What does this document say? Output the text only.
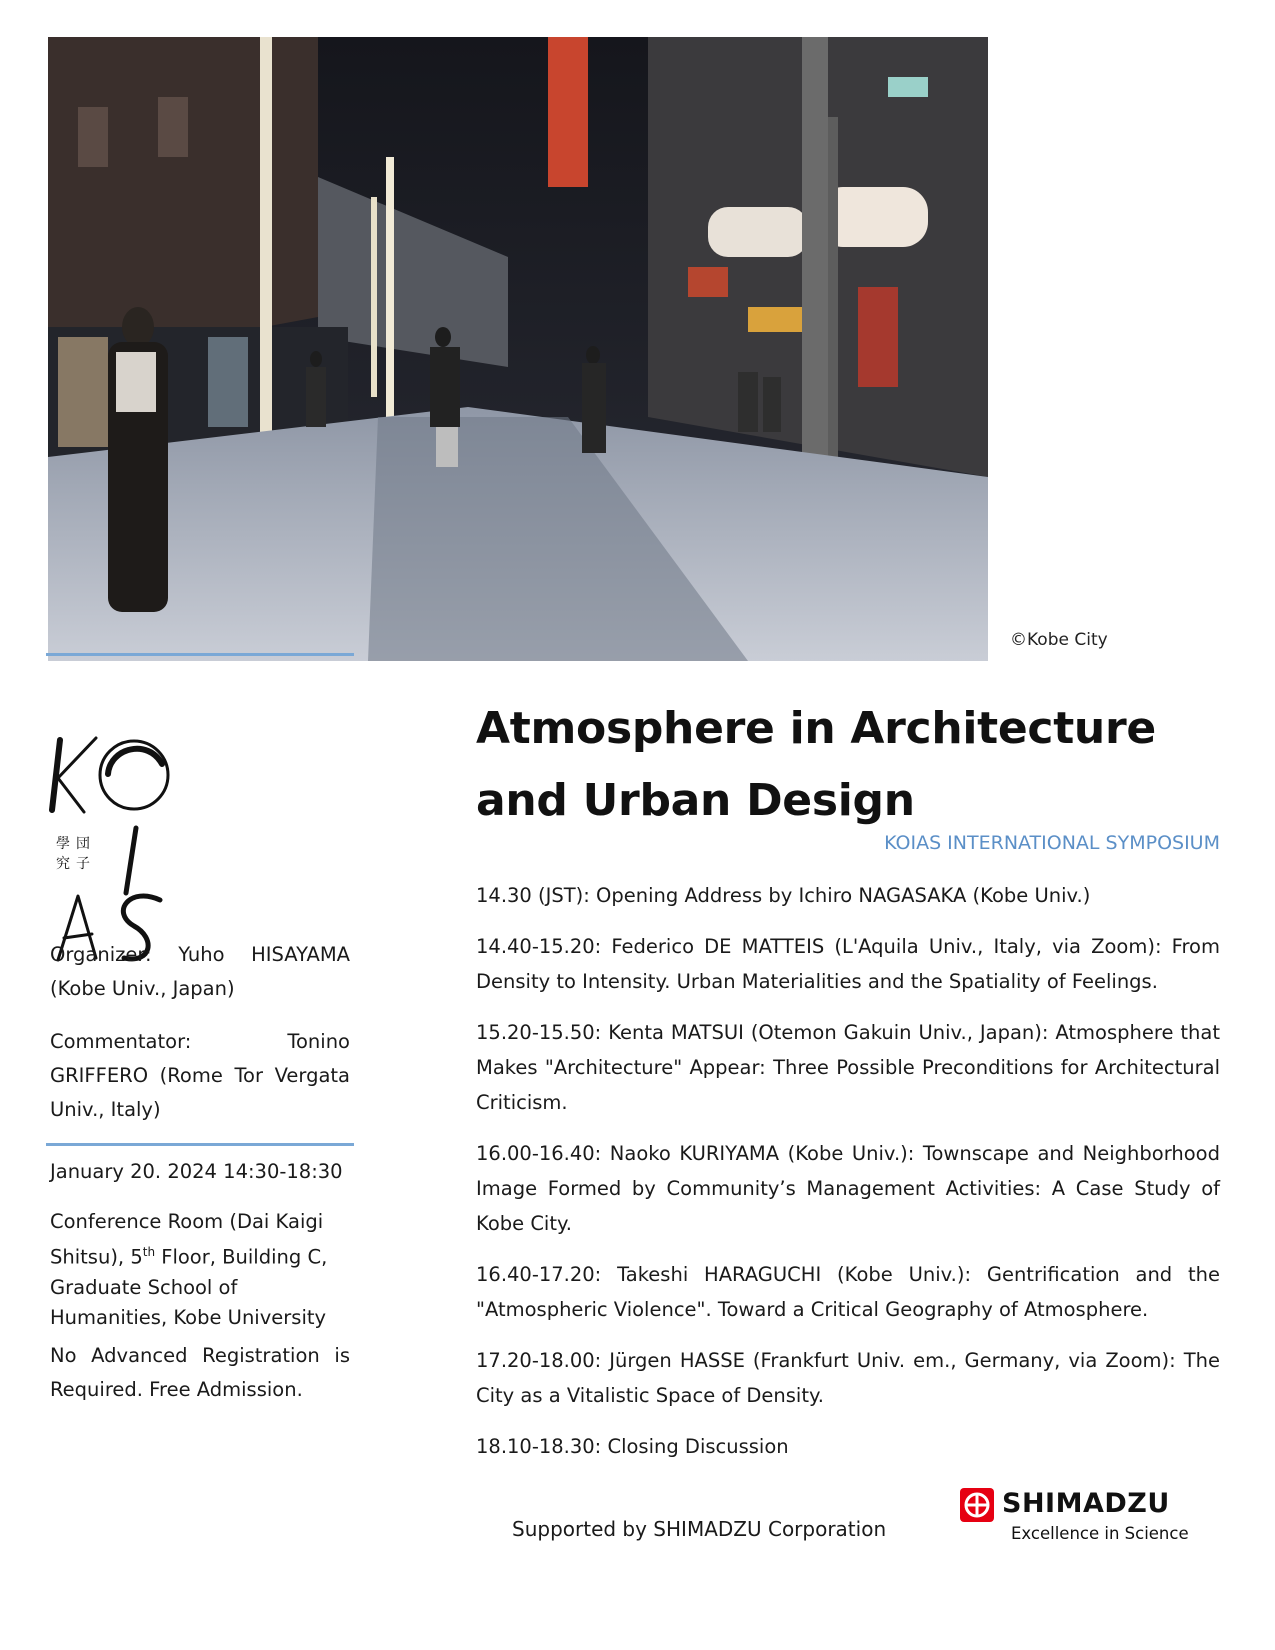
©Kobe City
學 団
究 子
Organizer: Yuho HISAYAMA (Kobe Univ., Japan)
Commentator: Tonino GRIFFERO (Rome Tor Vergata Univ., Italy)
January 20. 2024 14:30-18:30
Conference Room (Dai Kaigi Shitsu), 5th Floor, Building C, Graduate School of Humanities, Kobe University
No Advanced Registration is Required. Free Admission.
Atmosphere in Architecture
and Urban Design
KOIAS INTERNATIONAL SYMPOSIUM

14.30 (JST): Opening Address by Ichiro NAGASAKA (Kobe Univ.)

14.40-15.20: Federico DE MATTEIS (L'Aquila Univ., Italy, via Zoom): From Density to Intensity. Urban Materialities and the Spatiality of Feelings.

15.20-15.50: Kenta MATSUI (Otemon Gakuin Univ., Japan): Atmosphere that Makes "Architecture" Appear: Three Possible Preconditions for Architectural Criticism.

16.00-16.40: Naoko KURIYAMA (Kobe Univ.): Townscape and Neighborhood Image Formed by Community’s Management Activities: A Case Study of Kobe City.

16.40-17.20: Takeshi HARAGUCHI (Kobe Univ.): Gentrification and the "Atmospheric Violence". Toward a Critical Geography of Atmosphere.

17.20-18.00: Jürgen HASSE (Frankfurt Univ. em., Germany, via Zoom): The City as a Vitalistic Space of Density.

18.10-18.30: Closing Discussion

Supported by SHIMADZU Corporation
SHIMADZU
Excellence in Science
